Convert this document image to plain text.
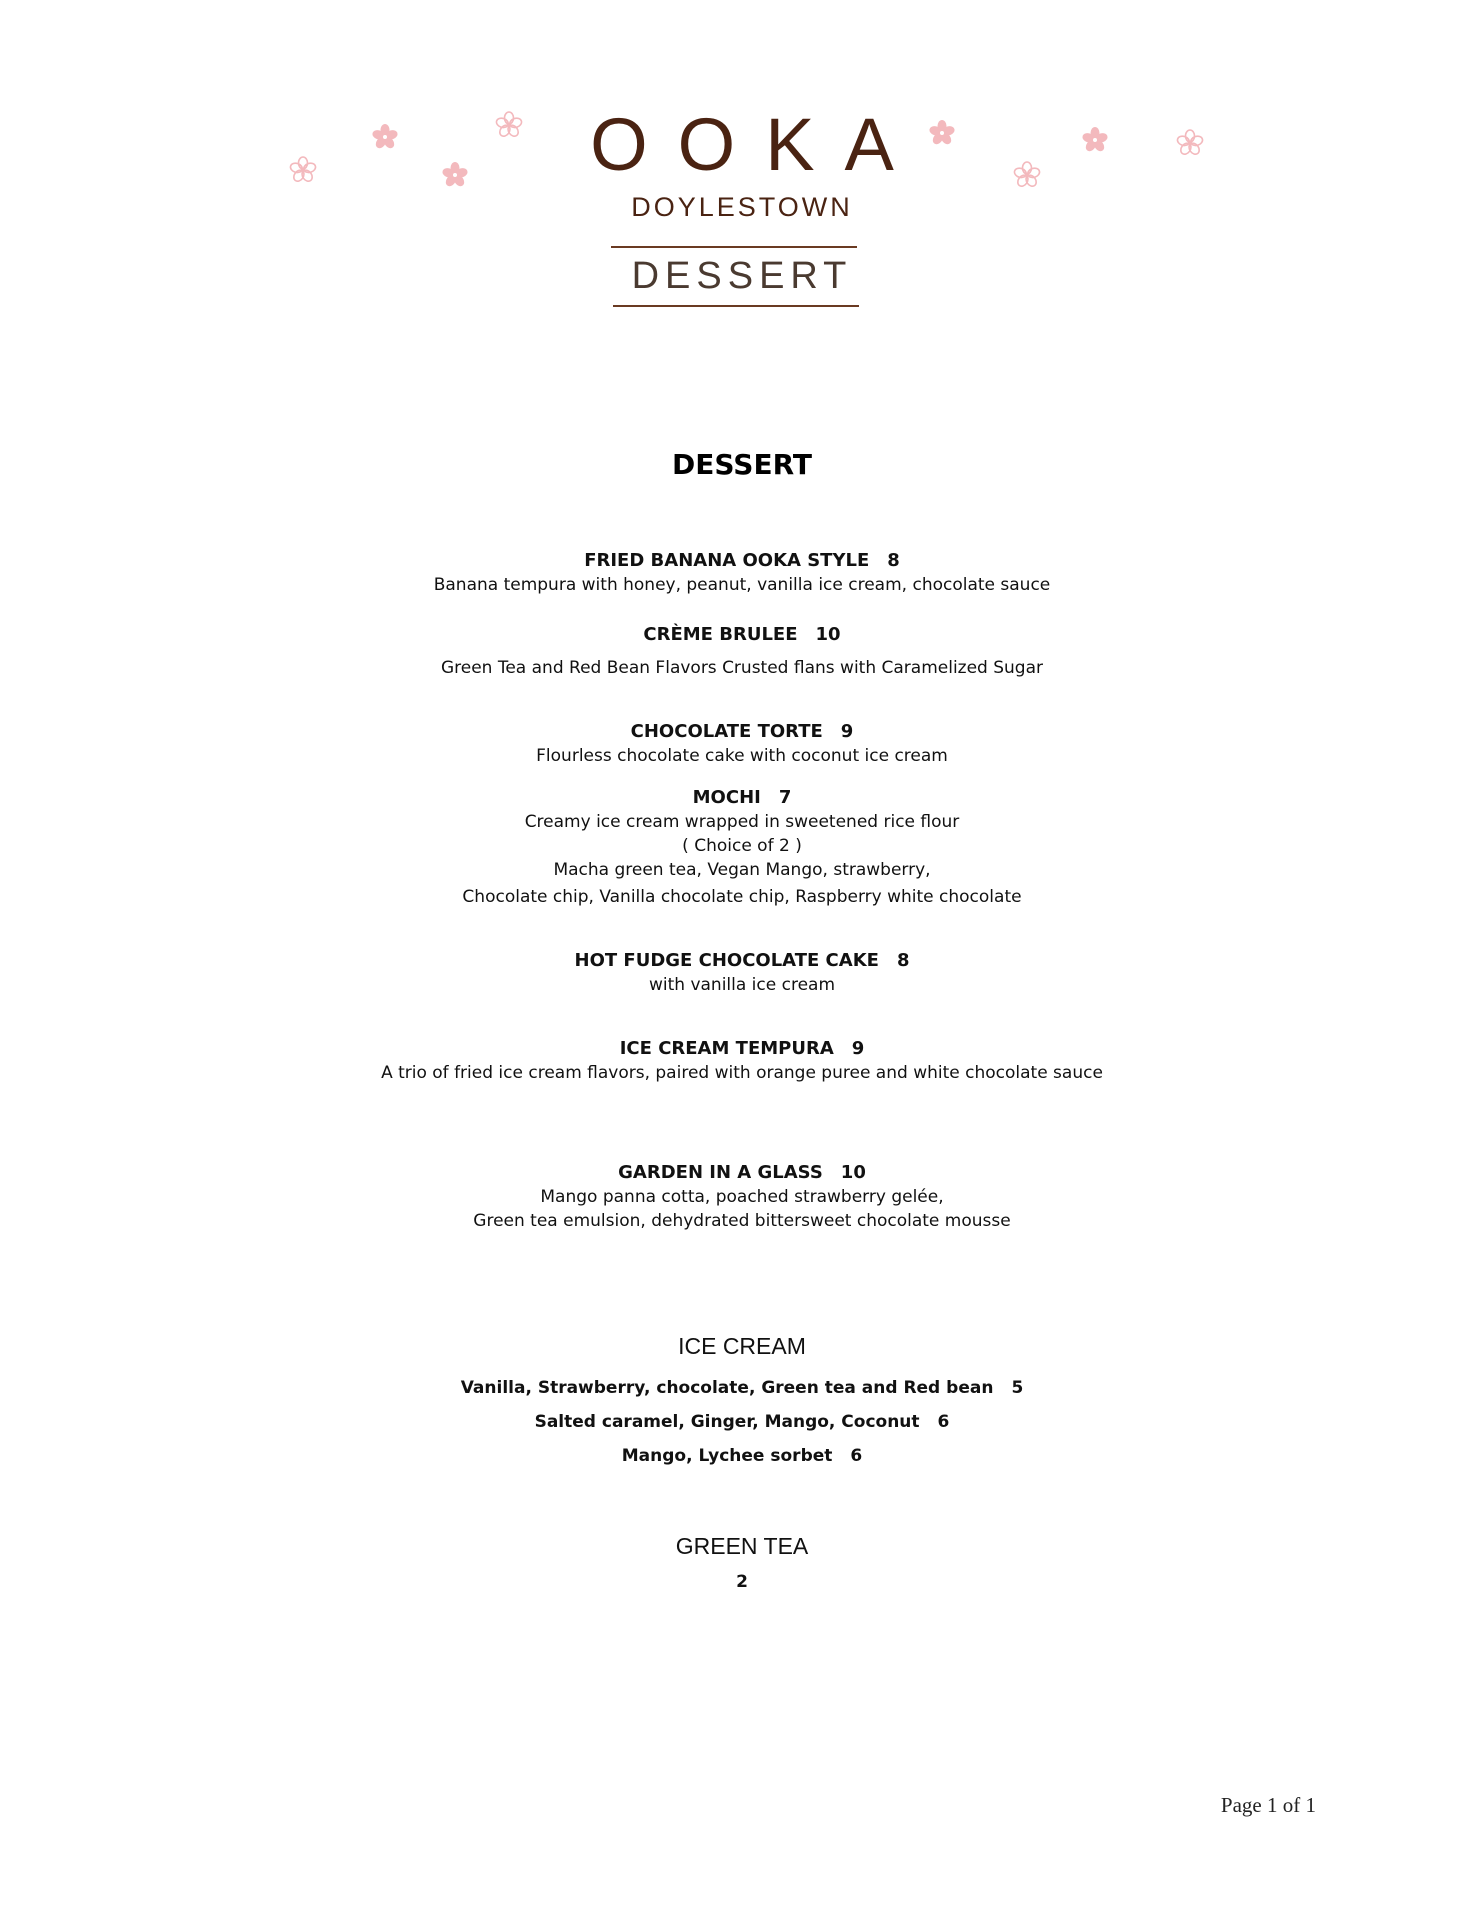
OOKA
DOYLESTOWN
DESSERT
DESSERT
FRIED BANANA OOKA STYLE 8
Banana tempura with honey, peanut, vanilla ice cream, chocolate sauce
CRÈME BRULEE 10
Green Tea and Red Bean Flavors Crusted flans with Caramelized Sugar
CHOCOLATE TORTE 9
Flourless chocolate cake with coconut ice cream
MOCHI 7
Creamy ice cream wrapped in sweetened rice flour
( Choice of 2 )
Macha green tea, Vegan Mango, strawberry,
Chocolate chip, Vanilla chocolate chip, Raspberry white chocolate
HOT FUDGE CHOCOLATE CAKE 8
with vanilla ice cream
ICE CREAM TEMPURA 9
A trio of fried ice cream flavors, paired with orange puree and white chocolate sauce
GARDEN IN A GLASS 10
Mango panna cotta, poached strawberry gelée,
Green tea emulsion, dehydrated bittersweet chocolate mousse
ICE CREAM
Vanilla, Strawberry, chocolate, Green tea and Red bean 5
Salted caramel, Ginger, Mango, Coconut 6
Mango, Lychee sorbet 6
GREEN TEA
2
Page 1 of 1
